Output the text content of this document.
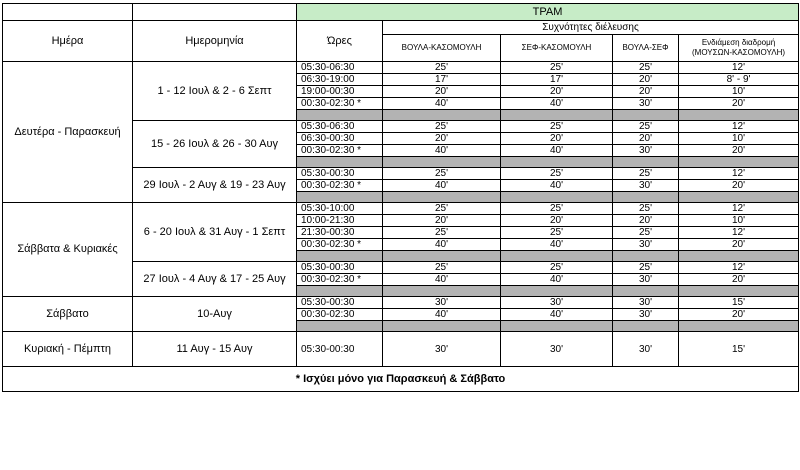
		ΤΡΑΜ				
Ημέρα	Ημερομηνία	Ώρες	Συχνότητες διέλευσης			
			ΒΟΥΛΑ-ΚΑΣΟΜΟΥΛΗ	ΣΕΦ-ΚΑΣΟΜΟΥΛΗ	ΒΟΥΛΑ-ΣΕΦ	Ενδιάμεση διαδρομή
(ΜΟΥΣΩΝ-ΚΑΣΟΜΟΥΛΗ)
Δευτέρα - Παρασκευή	1 - 12 Ιουλ & 2 - 6 Σεπτ	05:30-06:30	25'	25'	25'	12'
		06:30-19:00	17'	17'	20'	8' - 9'
		19:00-00:30	20'	20'	20'	10'
		00:30-02:30 *	40'	40'	30'	20'

	15 - 26 Ιουλ & 26 - 30 Αυγ	05:30-06:30	25'	25'	25'	12'
		06:30-00:30	20'	20'	20'	10'
		00:30-02:30 *	40'	40'	30'	20'

	29 Ιουλ - 2 Αυγ & 19 - 23 Αυγ	05:30-00:30	25'	25'	25'	12'
		00:30-02:30 *	40'	40'	30'	20'

Σάββατα & Κυριακές	6 - 20 Ιουλ & 31 Αυγ - 1 Σεπτ	05:30-10:00	25'	25'	25'	12'
		10:00-21:30	20'	20'	20'	10'
		21:30-00:30	25'	25'	25'	12'
		00:30-02:30 *	40'	40'	30'	20'

	27 Ιουλ - 4 Αυγ & 17 - 25 Αυγ	05:30-00:30	25'	25'	25'	12'
		00:30-02:30 *	40'	40'	30'	20'

Σάββατο	10-Αυγ	05:30-00:30	30'	30'	30'	15'
		00:30-02:30	40'	40'	30'	20'

Κυριακή - Πέμπτη	11 Αυγ - 15 Αυγ	05:30-00:30	30'	30'	30'	15'
* Ισχύει μόνο για Παρασκευή & Σάββατο						
